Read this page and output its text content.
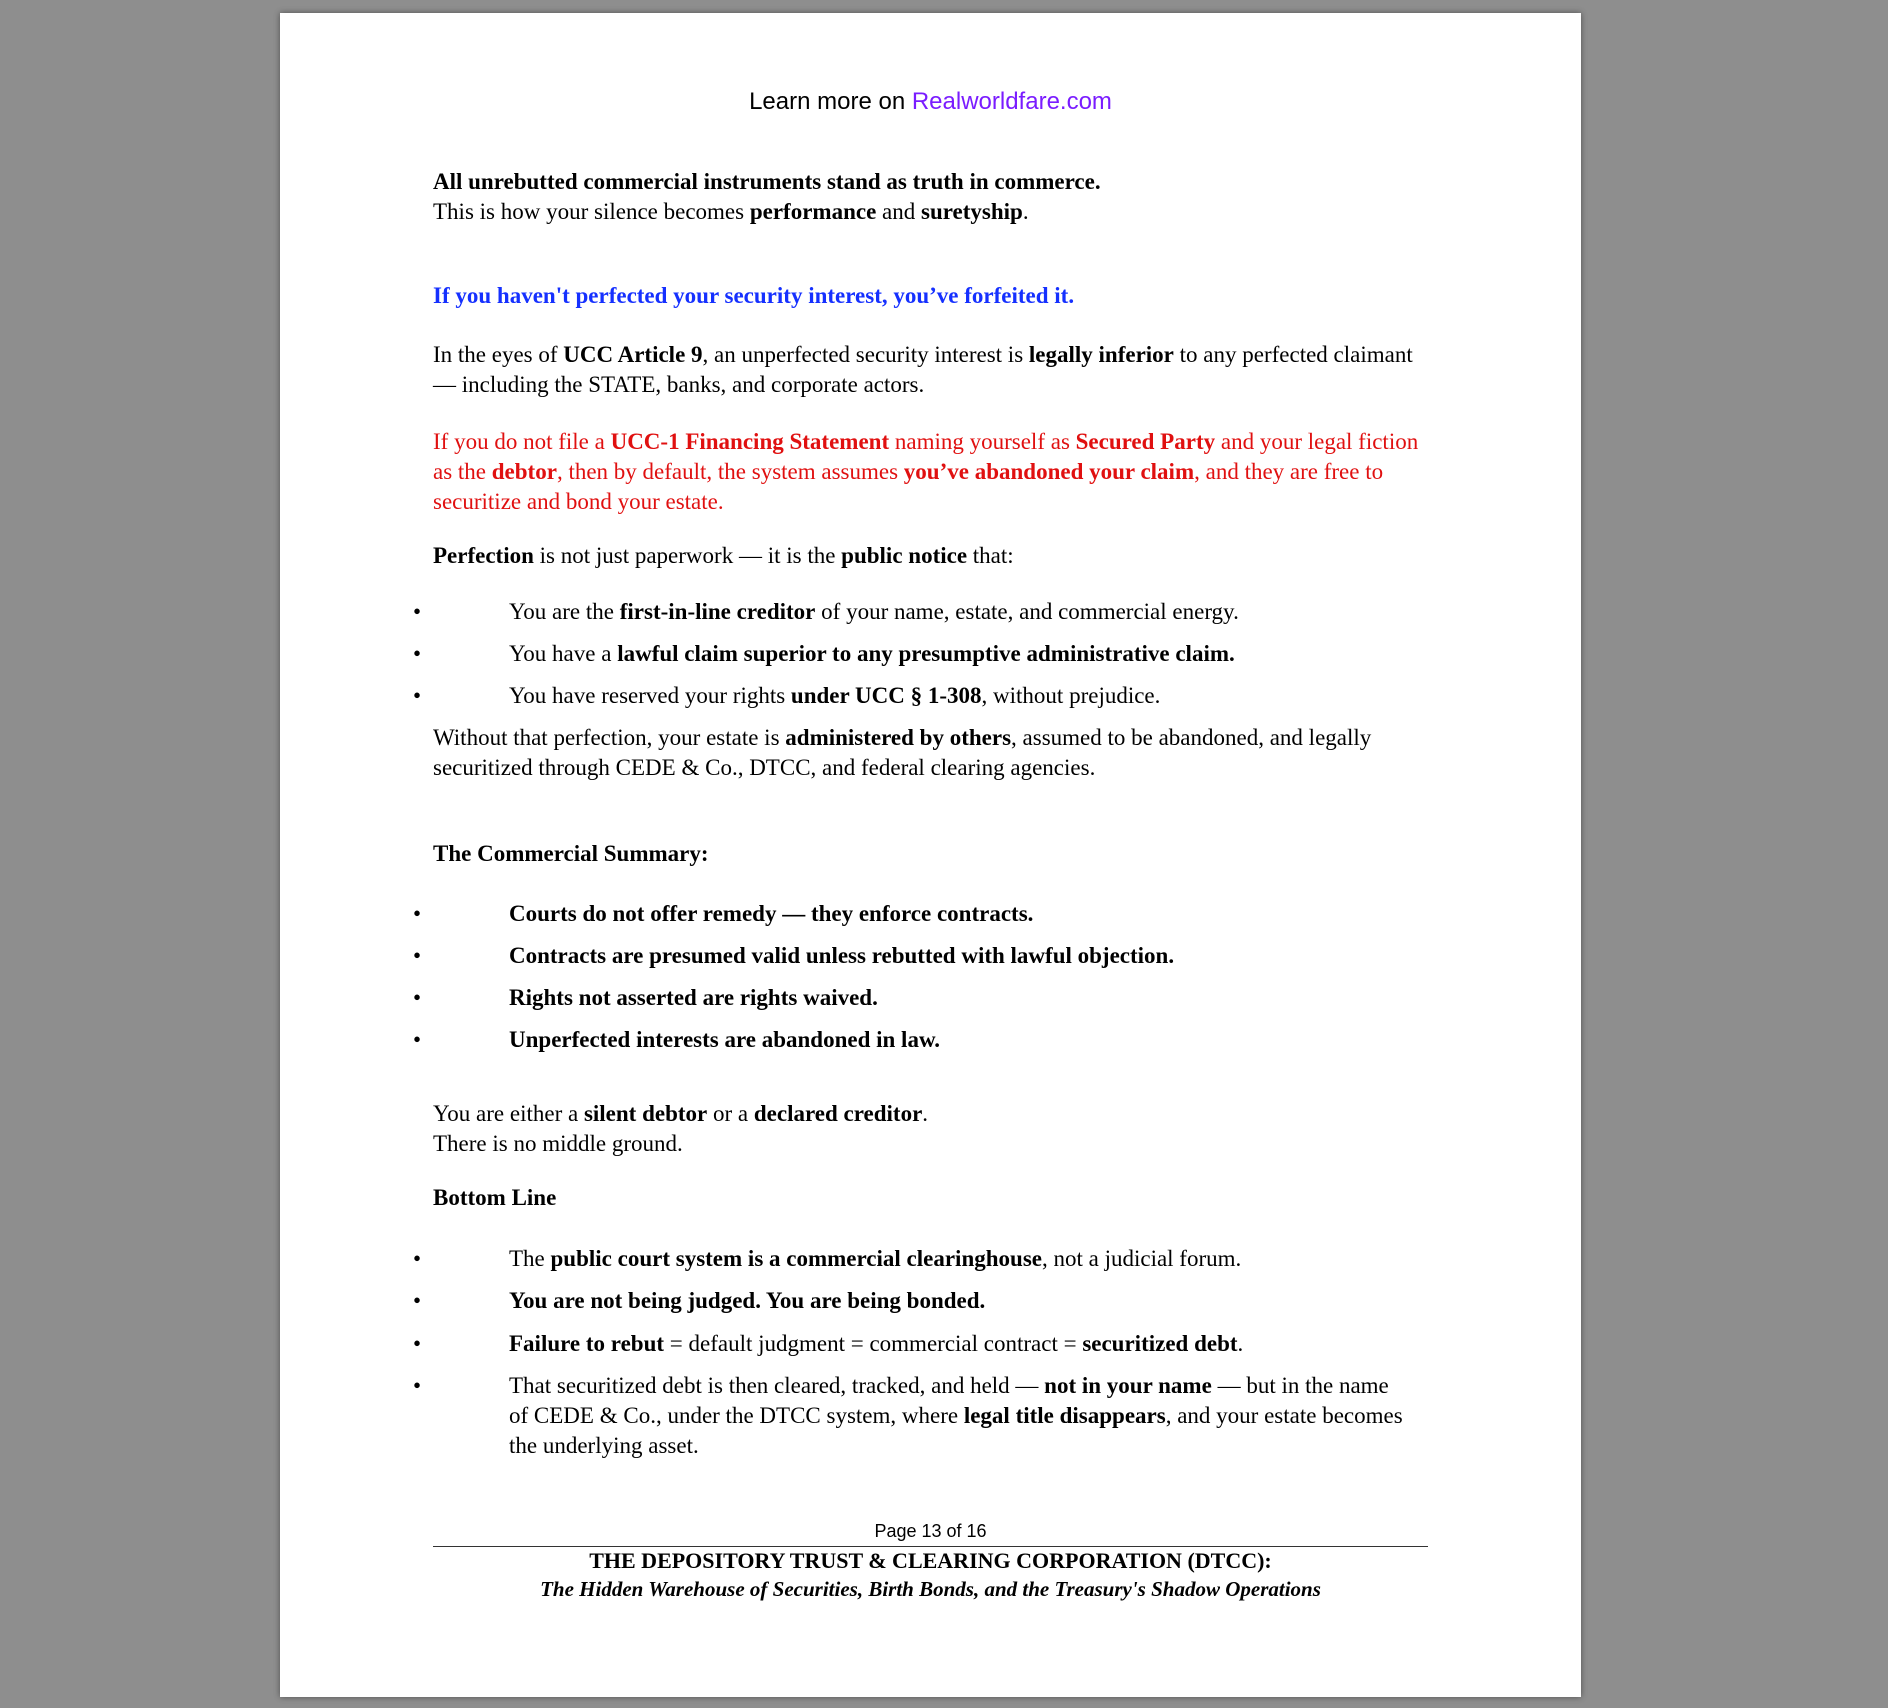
Learn more on Realworldfare.com
All unrebutted commercial instruments stand as truth in commerce.
This is how your silence becomes performance and suretyship.
If you haven't perfected your security interest, you’ve forfeited it.
In the eyes of UCC Article 9, an unperfected security interest is legally inferior to any perfected claimant — including the STATE, banks, and corporate actors.
If you do not file a UCC-1 Financing Statement naming yourself as Secured Party and your legal fiction as the debtor, then by default, the system assumes you’ve abandoned your claim, and they are free to securitize and bond your estate.
Perfection is not just paperwork — it is the public notice that:
•	You are the first-in-line creditor of your name, estate, and commercial energy.
•	You have a lawful claim superior to any presumptive administrative claim.
•	You have reserved your rights under UCC § 1-308, without prejudice.
Without that perfection, your estate is administered by others, assumed to be abandoned, and legally securitized through CEDE & Co., DTCC, and federal clearing agencies.
The Commercial Summary:
•	Courts do not offer remedy — they enforce contracts.
•	Contracts are presumed valid unless rebutted with lawful objection.
•	Rights not asserted are rights waived.
•	Unperfected interests are abandoned in law.
You are either a silent debtor or a declared creditor.
There is no middle ground.
Bottom Line
•	The public court system is a commercial clearinghouse, not a judicial forum.
•	You are not being judged. You are being bonded.
•	Failure to rebut = default judgment = commercial contract = securitized debt.
•	That securitized debt is then cleared, tracked, and held — not in your name — but in the name of CEDE & Co., under the DTCC system, where legal title disappears, and your estate becomes the underlying asset.
Page 13 of 16
THE DEPOSITORY TRUST & CLEARING CORPORATION (DTCC):
The Hidden Warehouse of Securities, Birth Bonds, and the Treasury's Shadow Operations
